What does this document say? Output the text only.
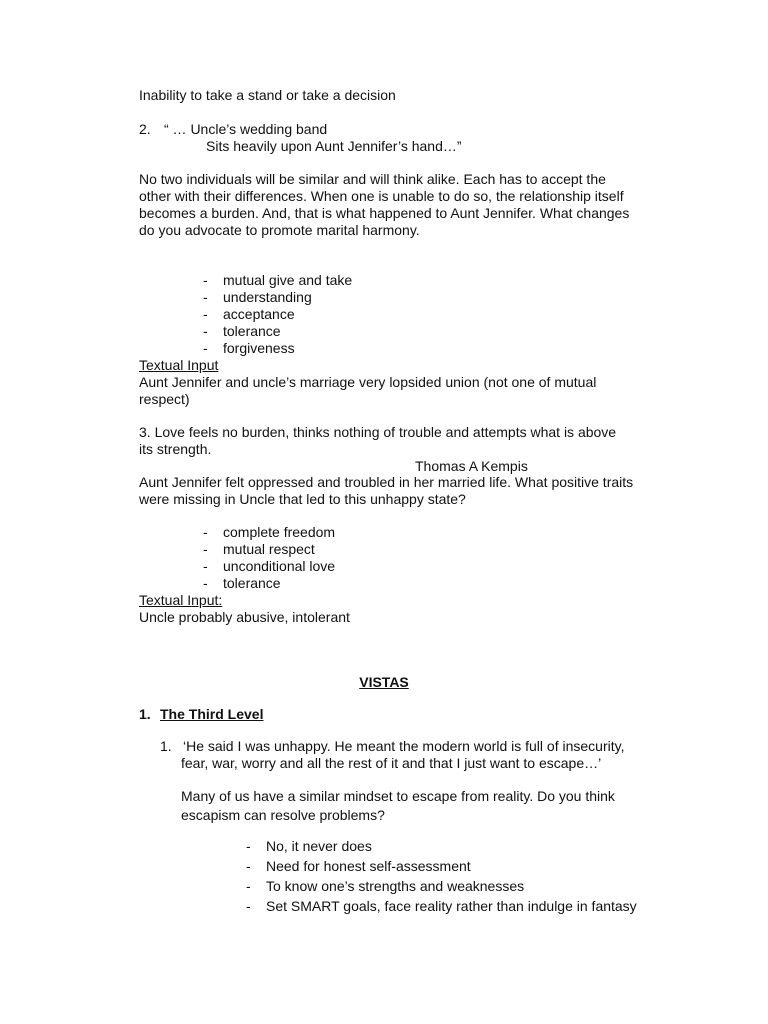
Inability to take a stand or take a decision
2. “ … Uncle’s wedding band
Sits heavily upon Aunt Jennifer’s hand…”
No two individuals will be similar and will think alike. Each has to accept the
other with their differences. When one is unable to do so, the relationship itself
becomes a burden. And, that is what happened to Aunt Jennifer. What changes
do you advocate to promote marital harmony.
- mutual give and take
- understanding
- acceptance
- tolerance
- forgiveness
Textual Input
Aunt Jennifer and uncle’s marriage very lopsided union (not one of mutual
respect)
3. Love feels no burden, thinks nothing of trouble and attempts what is above
its strength.
Thomas A Kempis
Aunt Jennifer felt oppressed and troubled in her married life. What positive traits
were missing in Uncle that led to this unhappy state?
- complete freedom
- mutual respect
- unconditional love
- tolerance
Textual Input:
Uncle probably abusive, intolerant
VISTAS
1. The Third Level
1. ‘He said I was unhappy. He meant the modern world is full of insecurity,
fear, war, worry and all the rest of it and that I just want to escape…’
Many of us have a similar mindset to escape from reality. Do you think
escapism can resolve problems?
- No, it never does
- Need for honest self-assessment
- To know one’s strengths and weaknesses
- Set SMART goals, face reality rather than indulge in fantasy
